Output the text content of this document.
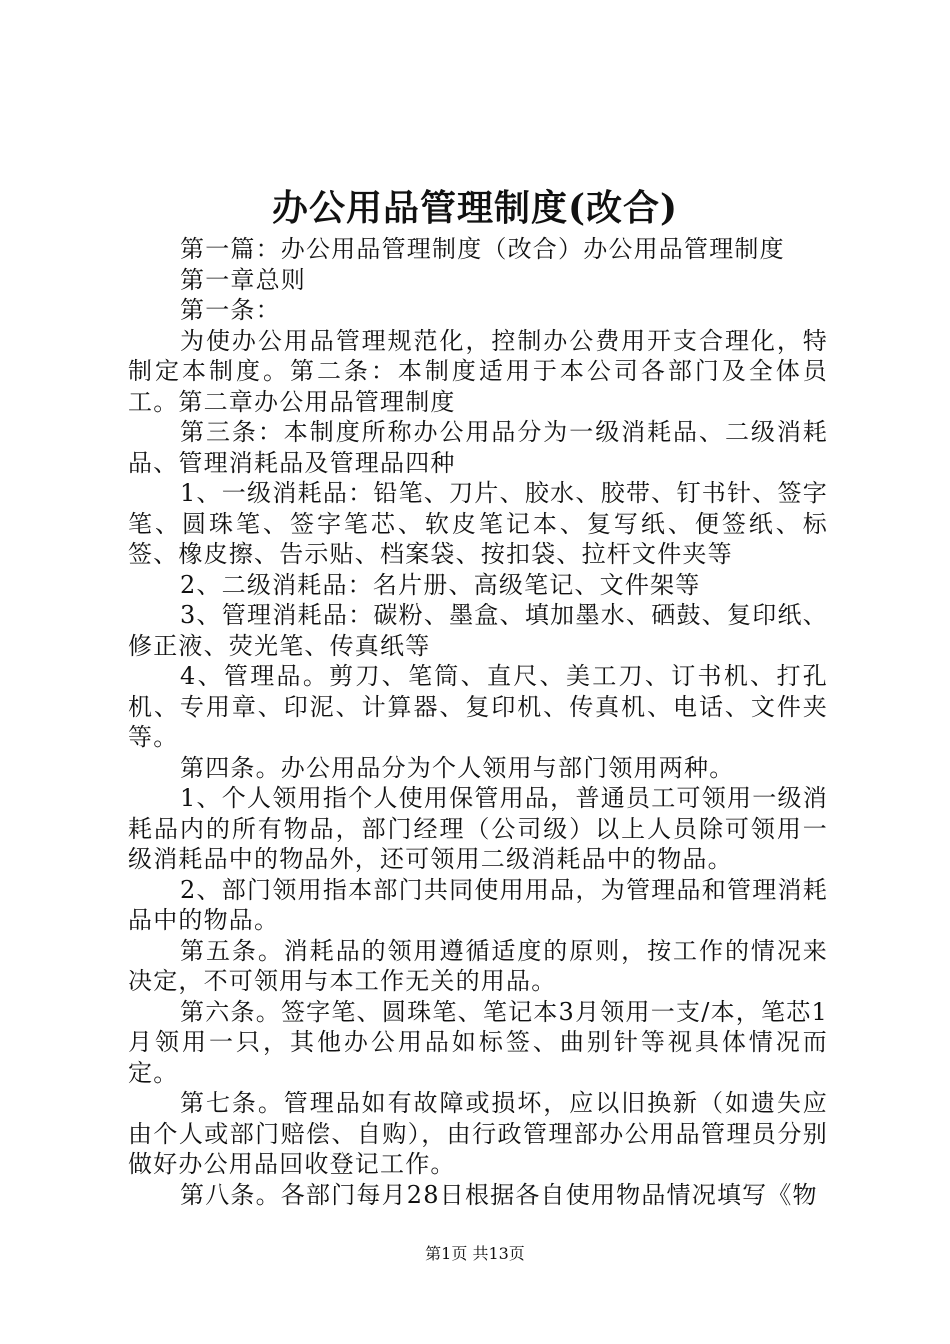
办公用品管理制度(改合)

第一篇：办公用品管理制度（改合）办公用品管理制度

第一章总则

第一条：

为使办公用品管理规范化，控制办公费用开支合理化，特制定本制度。第二条：本制度适用于本公司各部门及全体员工。第二章办公用品管理制度

第三条：本制度所称办公用品分为一级消耗品、二级消耗品、管理消耗品及管理品四种

1、一级消耗品：铅笔、刀片、胶水、胶带、钉书针、签字笔、圆珠笔、签字笔芯、软皮笔记本、复写纸、便签纸、标签、橡皮擦、告示贴、档案袋、按扣袋、拉杆文件夹等

2、二级消耗品：名片册、高级笔记、文件架等

3、管理消耗品：碳粉、墨盒、填加墨水、硒鼓、复印纸、修正液、荧光笔、传真纸等

4、管理品。剪刀、笔筒、直尺、美工刀、订书机、打孔机、专用章、印泥、计算器、复印机、传真机、电话、文件夹等。

第四条。办公用品分为个人领用与部门领用两种。

1、个人领用指个人使用保管用品，普通员工可领用一级消耗品内的所有物品，部门经理（公司级）以上人员除可领用一级消耗品中的物品外，还可领用二级消耗品中的物品。

2、部门领用指本部门共同使用用品，为管理品和管理消耗品中的物品。

第五条。消耗品的领用遵循适度的原则，按工作的情况来决定，不可领用与本工作无关的用品。

第六条。签字笔、圆珠笔、笔记本3月领用一支/本，笔芯1月领用一只，其他办公用品如标签、曲别针等视具体情况而定。

第七条。管理品如有故障或损坏，应以旧换新（如遗失应由个人或部门赔偿、自购），由行政管理部办公用品管理员分别做好办公用品回收登记工作。

第八条。各部门每月28日根据各自使用物品情况填写《物

第1页 共13页
